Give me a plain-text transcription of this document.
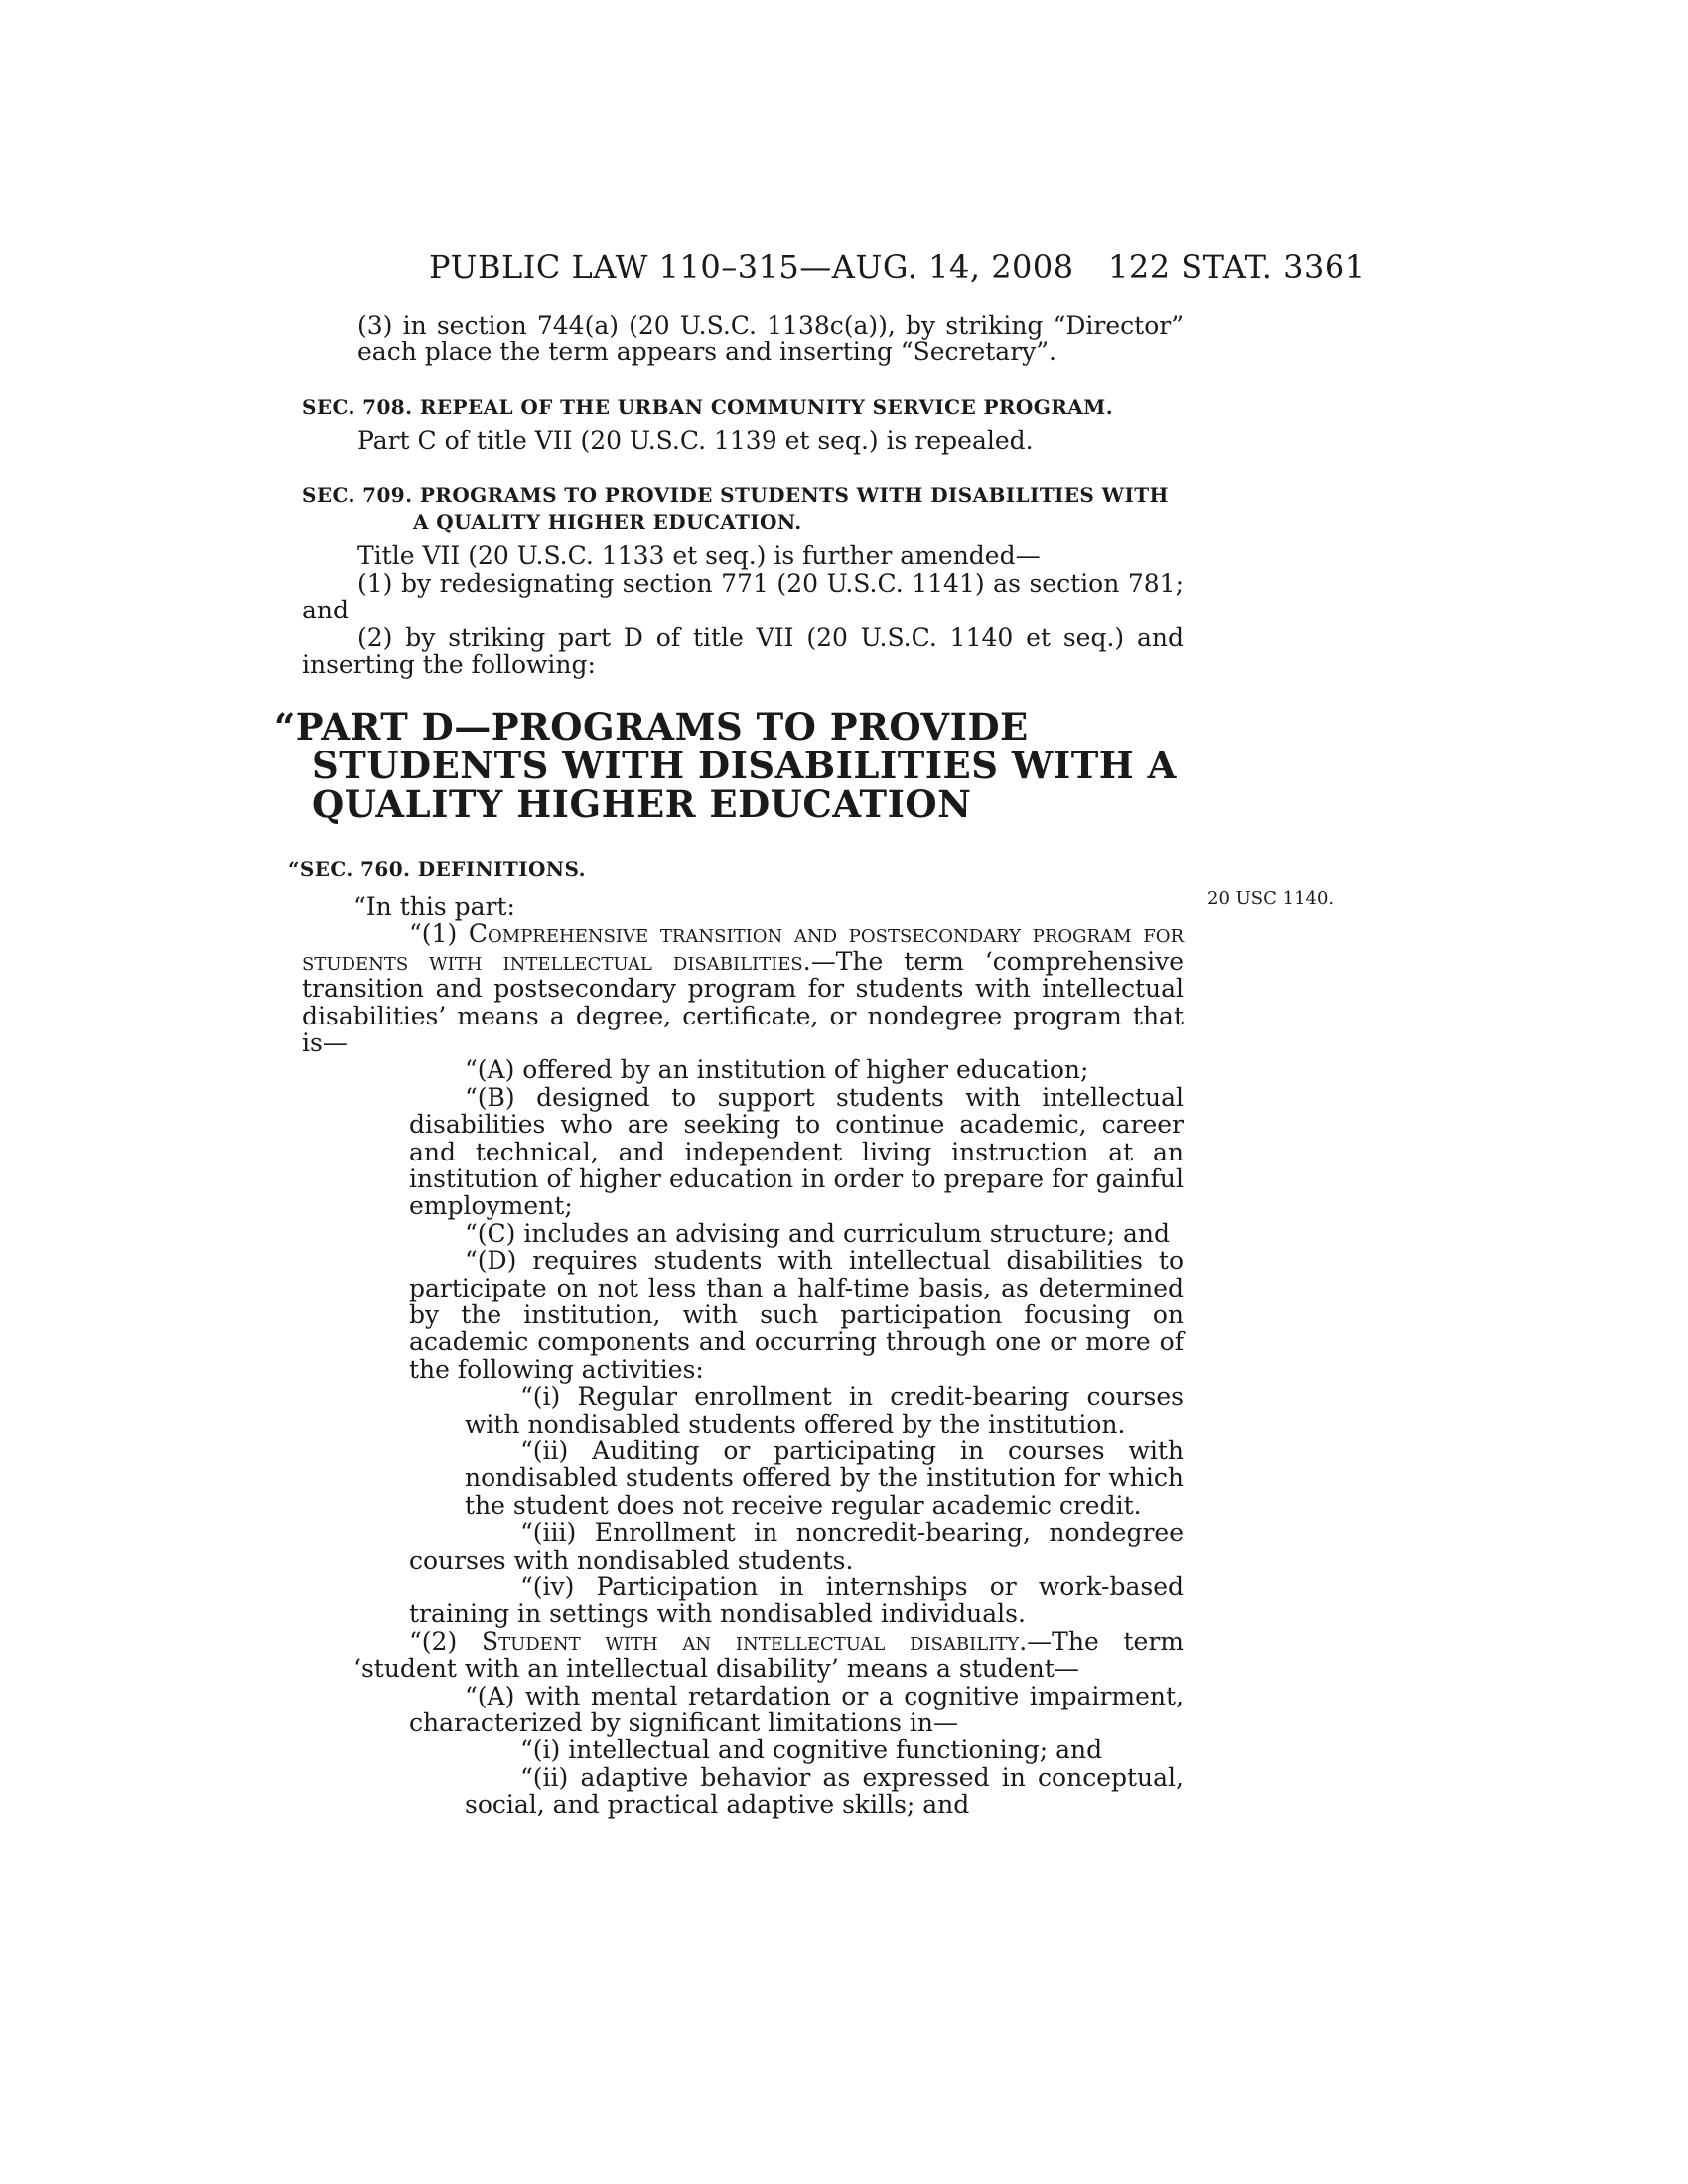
PUBLIC LAW 110–315—AUG. 14, 2008 122 STAT. 3361
20 USC 1140.

(3) in section 744(a) (20 U.S.C. 1138c(a)), by striking “Director” each place the term appears and inserting “Secretary”.

SEC. 708. REPEAL OF THE URBAN COMMUNITY SERVICE PROGRAM.

Part C of title VII (20 U.S.C. 1139 et seq.) is repealed.

SEC. 709. PROGRAMS TO PROVIDE STUDENTS WITH DISABILITIES WITH A QUALITY HIGHER EDUCATION.

Title VII (20 U.S.C. 1133 et seq.) is further amended—

(1) by redesignating section 771 (20 U.S.C. 1141) as section 781; and

(2) by striking part D of title VII (20 U.S.C. 1140 et seq.) and inserting the following:

“PART D—PROGRAMS TO PROVIDE STUDENTS WITH DISABILITIES WITH A QUALITY HIGHER EDUCATION

“SEC. 760. DEFINITIONS.

“In this part:

“(1) Comprehensive transition and postsecondary program for students with intellectual disabilities.—The term ‘comprehensive transition and postsecondary program for students with intellectual disabilities’ means a degree, certificate, or nondegree program that is—

“(A) offered by an institution of higher education;

“(B) designed to support students with intellectual disabilities who are seeking to continue academic, career and technical, and independent living instruction at an institution of higher education in order to prepare for gainful employment;

“(C) includes an advising and curriculum structure; and

“(D) requires students with intellectual disabilities to participate on not less than a half-time basis, as determined by the institution, with such participation focusing on academic components and occurring through one or more of the following activities:

“(i) Regular enrollment in credit-bearing courses with nondisabled students offered by the institution.

“(ii) Auditing or participating in courses with nondisabled students offered by the institution for which the student does not receive regular academic credit.

“(iii) Enrollment in noncredit-bearing, nondegree courses with nondisabled students.

“(iv) Participation in internships or work-based training in settings with nondisabled individuals.

“(2) Student with an intellectual disability.—The term ‘student with an intellectual disability’ means a student—

“(A) with mental retardation or a cognitive impairment, characterized by significant limitations in—

“(i) intellectual and cognitive functioning; and

“(ii) adaptive behavior as expressed in conceptual, social, and practical adaptive skills; and
